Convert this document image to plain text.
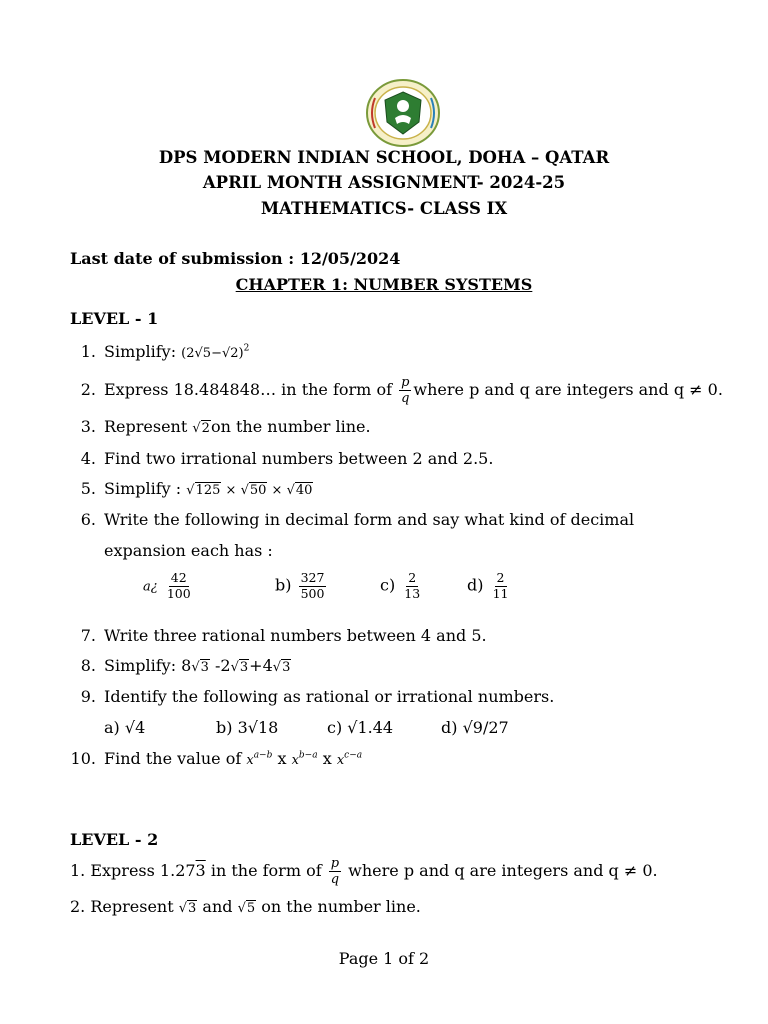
DPS MODERN INDIAN SCHOOL, DOHA – QATAR
APRIL MONTH ASSIGNMENT- 2024-25
MATHEMATICS- CLASS IX
Last date of submission : 12/05/2024
CHAPTER 1: NUMBER SYSTEMS
LEVEL - 1
1. Simplify: $(2√5-√2)^2$
2. Express 18.484848… in the form of $\frac{p}{q}$ where p and q are integers and q ≠ 0.
3. Represent √2on the number line.
4. Find two irrational numbers between 2 and 2.5.
5. Simplify : √125 × √50 × √40
6. Write the following in decimal form and say what kind of decimal
expansion each has :
a¿ $\frac{42}{100}$	$b) \frac{327}{500}$	$c) \frac{2}{13}$	$d) \frac{2}{11}$
7. Write three rational numbers between 4 and 5.
8. Simplify: 8√3 -2√3+4√3
9. Identify the following as rational or irrational numbers.
a) √4	b) 3√18	c) √1.44	d) √9/27
10. Find the value of $x^{a-b}$ x $x^{b-a}$ x $x^{c-a}$
LEVEL - 2
1. Express 1.273 in the form of $\frac{p}{q}$ where p and q are integers and q ≠ 0.
2. Represent √3 and √5 on the number line.
Page 1 of 2
